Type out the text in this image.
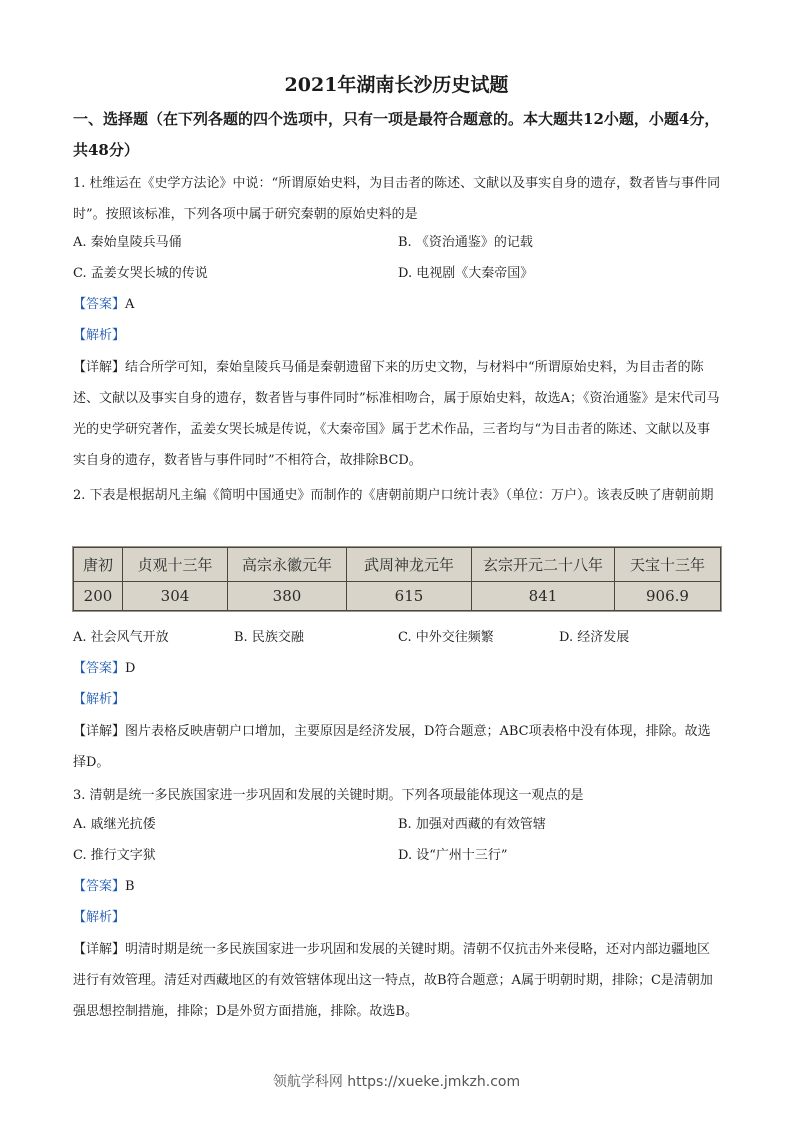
2021年湖南长沙历史试题
一、选择题（在下列各题的四个选项中，只有一项是最符合题意的。本大题共12小题，小题4分，共48分）
1. 杜维运在《史学方法论》中说：“所谓原始史料，为目击者的陈述、文献以及事实自身的遗存，数者皆与事件同时”。按照该标准，下列各项中属于研究秦朝的原始史料的是
A. 秦始皇陵兵马俑	B. 《资治通鉴》的记载
C. 孟姜女哭长城的传说	D. 电视剧《大秦帝国》
【答案】A
【解析】
【详解】结合所学可知，秦始皇陵兵马俑是秦朝遗留下来的历史文物，与材料中“所谓原始史料，为目击者的陈述、文献以及事实自身的遗存，数者皆与事件同时”标准相吻合，属于原始史料，故选A；《资治通鉴》是宋代司马光的史学研究著作，孟姜女哭长城是传说，《大秦帝国》属于艺术作品，三者均与“为目击者的陈述、文献以及事实自身的遗存，数者皆与事件同时”不相符合，故排除BCD。
2. 下表是根据胡凡主编《简明中国通史》而制作的《唐朝前期户口统计表》（单位：万户）。该表反映了唐朝前期
唐初	贞观十三年	高宗永徽元年	武周神龙元年	玄宗开元二十八年	天宝十三年
200	304	380	615	841	906.9
A. 社会风气开放	B. 民族交融	C. 中外交往频繁	D. 经济发展
【答案】D
【解析】
【详解】图片表格反映唐朝户口增加，主要原因是经济发展，D符合题意；ABC项表格中没有体现，排除。故选择D。
3. 清朝是统一多民族国家进一步巩固和发展的关键时期。下列各项最能体现这一观点的是
A. 戚继光抗倭	B. 加强对西藏的有效管辖
C. 推行文字狱	D. 设“广州十三行”
【答案】B
【解析】
【详解】明清时期是统一多民族国家进一步巩固和发展的关键时期。清朝不仅抗击外来侵略，还对内部边疆地区进行有效管理。清廷对西藏地区的有效管辖体现出这一特点，故B符合题意；A属于明朝时期，排除；C是清朝加强思想控制措施，排除；D是外贸方面措施，排除。故选B。
领航学科网 https://xueke.jmkzh.com
